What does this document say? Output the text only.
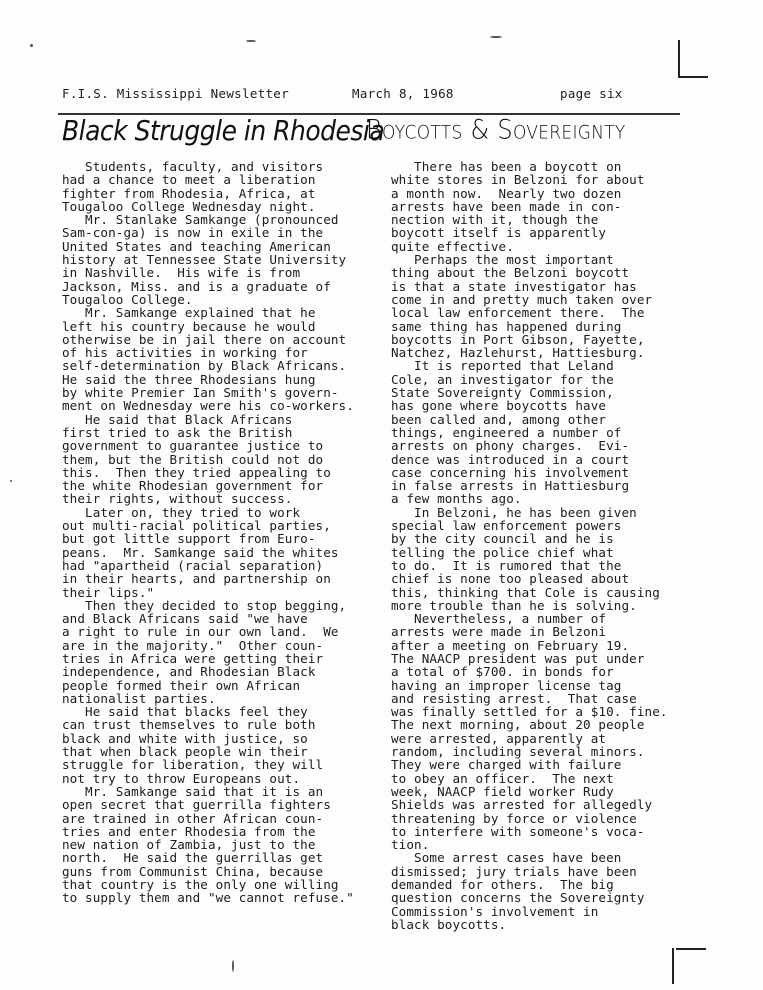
F.I.S. Mississippi Newsletter	March 8, 1968	page six
Black Struggle in Rhodesia
Boycotts & Sovereignty
Students, faculty, and visitors
had a chance to meet a liberation
fighter from Rhodesia, Africa, at
Tougaloo College Wednesday night.
Mr. Stanlake Samkange (pronounced
Sam-con-ga) is now in exile in the
United States and teaching American
history at Tennessee State University
in Nashville.  His wife is from
Jackson, Miss. and is a graduate of
Tougaloo College.
Mr. Samkange explained that he
left his country because he would
otherwise be in jail there on account
of his activities in working for
self-determination by Black Africans.
He said the three Rhodesians hung
by white Premier Ian Smith's govern-
ment on Wednesday were his co-workers.
He said that Black Africans
first tried to ask the British
government to guarantee justice to
them, but the British could not do
this.  Then they tried appealing to
the white Rhodesian government for
their rights, without success.
Later on, they tried to work
out multi-racial political parties,
but got little support from Euro-
peans.  Mr. Samkange said the whites
had "apartheid (racial separation)
in their hearts, and partnership on
their lips."
Then they decided to stop begging,
and Black Africans said "we have
a right to rule in our own land.  We
are in the majority."  Other coun-
tries in Africa were getting their
independence, and Rhodesian Black
people formed their own African
nationalist parties.
He said that blacks feel they
can trust themselves to rule both
black and white with justice, so
that when black people win their
struggle for liberation, they will
not try to throw Europeans out.
Mr. Samkange said that it is an
open secret that guerrilla fighters
are trained in other African coun-
tries and enter Rhodesia from the
new nation of Zambia, just to the
north.  He said the guerrillas get
guns from Communist China, because
that country is the only one willing
to supply them and "we cannot refuse."
There has been a boycott on
white stores in Belzoni for about
a month now.  Nearly two dozen
arrests have been made in con-
nection with it, though the
boycott itself is apparently
quite effective.
Perhaps the most important
thing about the Belzoni boycott
is that a state investigator has
come in and pretty much taken over
local law enforcement there.  The
same thing has happened during
boycotts in Port Gibson, Fayette,
Natchez, Hazlehurst, Hattiesburg.
It is reported that Leland
Cole, an investigator for the
State Sovereignty Commission,
has gone where boycotts have
been called and, among other
things, engineered a number of
arrests on phony charges.  Evi-
dence was introduced in a court
case concerning his involvement
in false arrests in Hattiesburg
a few months ago.
In Belzoni, he has been given
special law enforcement powers
by the city council and he is
telling the police chief what
to do.  It is rumored that the
chief is none too pleased about
this, thinking that Cole is causing
more trouble than he is solving.
Nevertheless, a number of
arrests were made in Belzoni
after a meeting on February 19.
The NAACP president was put under
a total of $700. in bonds for
having an improper license tag
and resisting arrest.  That case
was finally settled for a $10. fine.
The next morning, about 20 people
were arrested, apparently at
random, including several minors.
They were charged with failure
to obey an officer.  The next
week, NAACP field worker Rudy
Shields was arrested for allegedly
threatening by force or violence
to interfere with someone's voca-
tion.
Some arrest cases have been
dismissed; jury trials have been
demanded for others.  The big
question concerns the Sovereignty
Commission's involvement in
black boycotts.
